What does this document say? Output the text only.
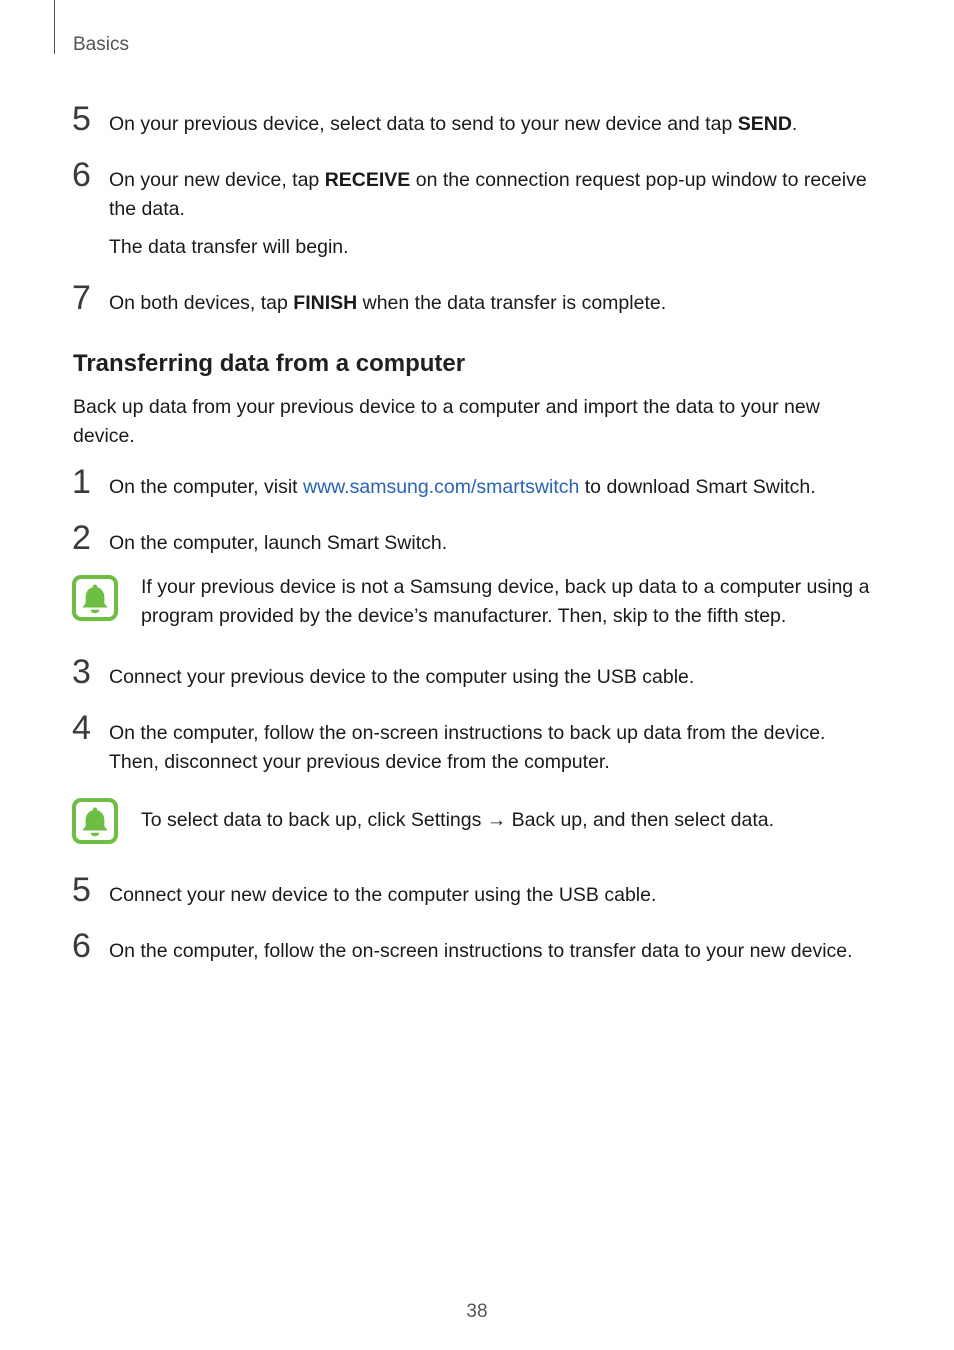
Basics
5 On your previous device, select data to send to your new device and tap SEND.

6 On your new device, tap RECEIVE on the connection request pop-up window to receive the data.

The data transfer will begin.

7 On both devices, tap FINISH when the data transfer is complete.

Transferring data from a computer

Back up data from your previous device to a computer and import the data to your new device.

1 On the computer, visit www.samsung.com/smartswitch to download Smart Switch.

2 On the computer, launch Smart Switch.

If your previous device is not a Samsung device, back up data to a computer using a program provided by the device’s manufacturer. Then, skip to the fifth step.
3 Connect your previous device to the computer using the USB cable.

4 On the computer, follow the on-screen instructions to back up data from the device. Then, disconnect your previous device from the computer.

To select data to back up, click Settings → Back up, and then select data.
5 Connect your new device to the computer using the USB cable.

6 On the computer, follow the on-screen instructions to transfer data to your new device.

38
